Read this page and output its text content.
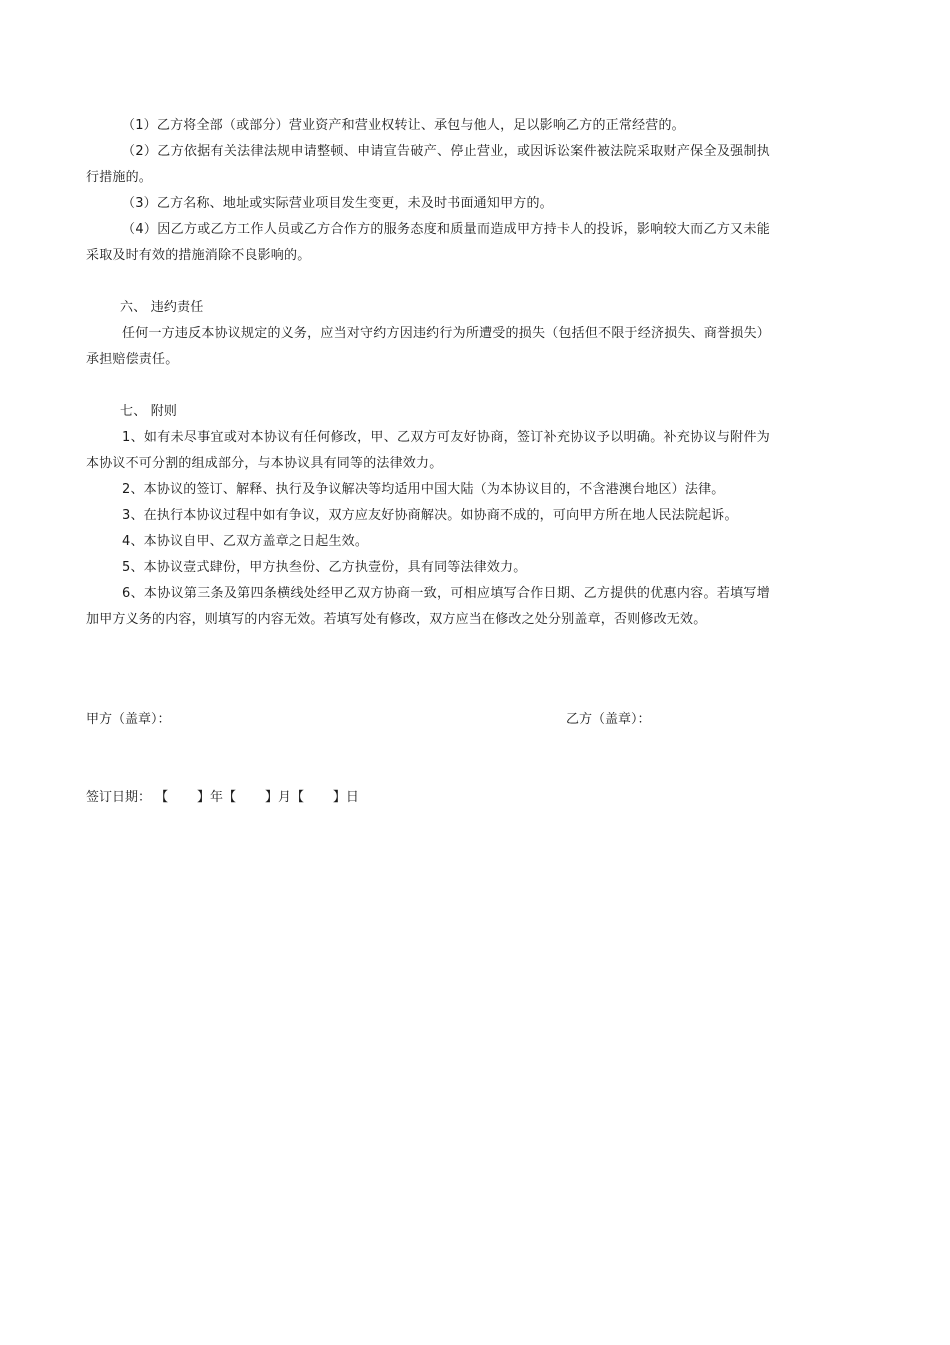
（1）乙方将全部（或部分）营业资产和营业权转让、承包与他人，足以影响乙方的正常经营的。

（2）乙方依据有关法律法规申请整顿、申请宣告破产、停止营业，或因诉讼案件被法院采取财产保全及强制执行措施的。

（3）乙方名称、地址或实际营业项目发生变更，未及时书面通知甲方的。

（4）因乙方或乙方工作人员或乙方合作方的服务态度和质量而造成甲方持卡人的投诉，影响较大而乙方又未能采取及时有效的措施消除不良影响的。

六、 违约责任

任何一方违反本协议规定的义务，应当对守约方因违约行为所遭受的损失（包括但不限于经济损失、商誉损失）承担赔偿责任。

七、 附则

1、如有未尽事宜或对本协议有任何修改，甲、乙双方可友好协商，签订补充协议予以明确。补充协议与附件为本协议不可分割的组成部分，与本协议具有同等的法律效力。

2、本协议的签订、解释、执行及争议解决等均适用中国大陆（为本协议目的，不含港澳台地区）法律。

3、在执行本协议过程中如有争议，双方应友好协商解决。如协商不成的，可向甲方所在地人民法院起诉。

4、本协议自甲、乙双方盖章之日起生效。

5、本协议壹式肆份，甲方执叁份、乙方执壹份，具有同等法律效力。

6、本协议第三条及第四条横线处经甲乙双方协商一致，可相应填写合作日期、乙方提供的优惠内容。若填写增加甲方义务的内容，则填写的内容无效。若填写处有修改，双方应当在修改之处分别盖章，否则修改无效。

甲方（盖章）：	乙方（盖章）：
签订日期： 【       】年【       】月【       】日
